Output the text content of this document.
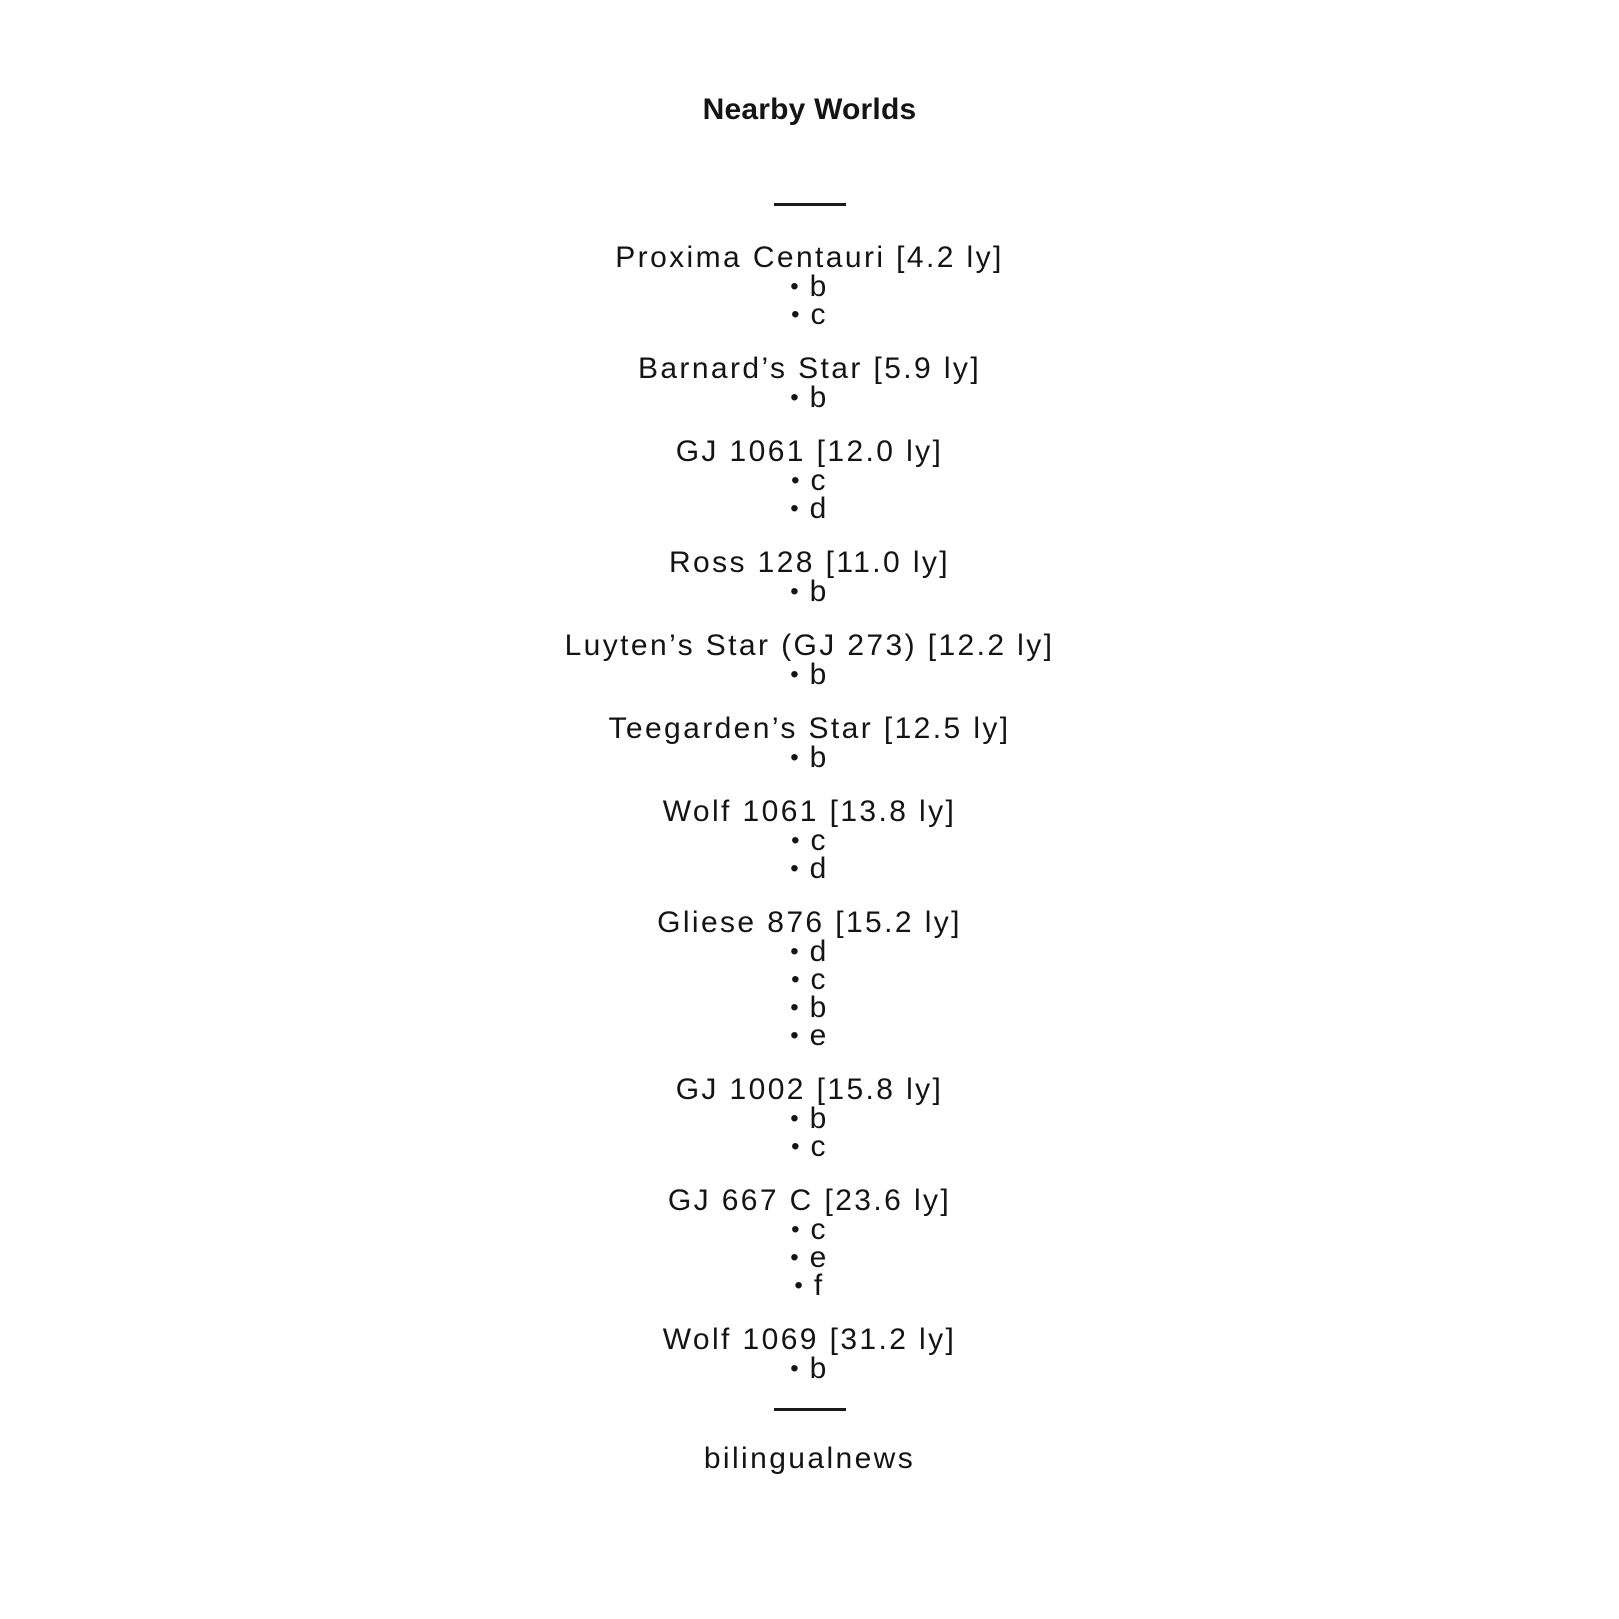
Nearby Worlds
Proxima Centauri [4.2 ly]
• b
• c
Barnard’s Star [5.9 ly]
• b
GJ 1061 [12.0 ly]
• c
• d
Ross 128 [11.0 ly]
• b
Luyten’s Star (GJ 273) [12.2 ly]
• b
Teegarden’s Star [12.5 ly]
• b
Wolf 1061 [13.8 ly]
• c
• d
Gliese 876 [15.2 ly]
• d
• c
• b
• e
GJ 1002 [15.8 ly]
• b
• c
GJ 667 C [23.6 ly]
• c
• e
• f
Wolf 1069 [31.2 ly]
• b
bilingualnews
